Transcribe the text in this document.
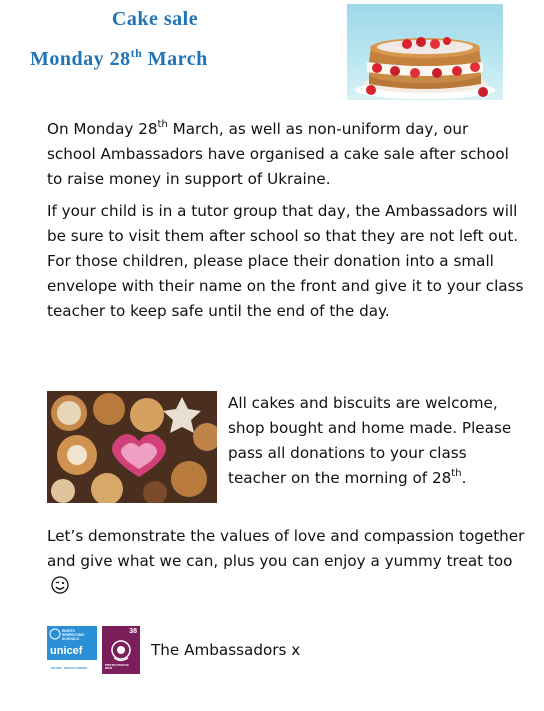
Cake sale
Monday 28th March

On Monday 28th March, as well as non-uniform day, our school Ambassadors have organised a cake sale after school to raise money in support of Ukraine.

If your child is in a tutor group that day, the Ambassadors will be sure to visit them after school so that they are not left out. For those children, please place their donation into a small envelope with their name on the front and give it to your class teacher to keep safe until the end of the day.

All cakes and biscuits are welcome, shop bought and home made. Please pass all donations to your class teacher on the morning of 28th.

Let’s demonstrate the values of love and compassion together and give what we can, plus you can enjoy a yummy treat too

RIGHTS RESPECTING SCHOOLS
unicef
SILVER - RIGHTS AWARE
38
PROTECTION IN WAR
The Ambassadors x
